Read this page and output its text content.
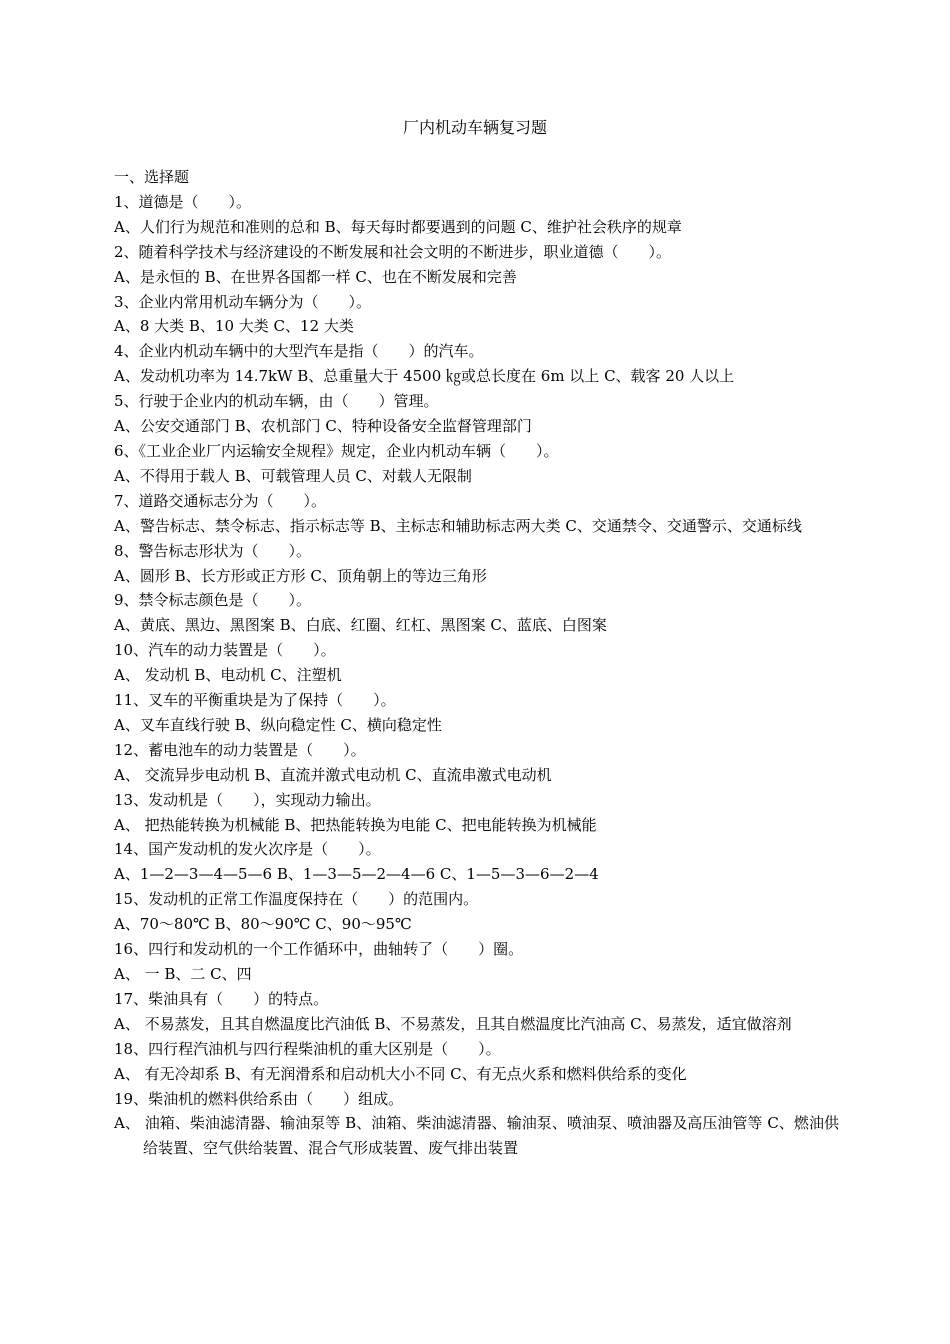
厂内机动车辆复习题
一、选择题
1、道德是（　　）。
A、人们行为规范和准则的总和 B、每天每时都要遇到的问题 C、维护社会秩序的规章
2、随着科学技术与经济建设的不断发展和社会文明的不断进步，职业道德（　　）。
A、是永恒的 B、在世界各国都一样 C、也在不断发展和完善
3、企业内常用机动车辆分为（　　）。
A、8 大类 B、10 大类 C、12 大类
4、企业内机动车辆中的大型汽车是指（　　）的汽车。
A、发动机功率为 14.7kW B、总重量大于 4500 ㎏或总长度在 6m 以上 C、载客 20 人以上
5、行驶于企业内的机动车辆，由（　　）管理。
A、公安交通部门 B、农机部门 C、特种设备安全监督管理部门
6、《工业企业厂内运输安全规程》规定，企业内机动车辆（　　）。
A、不得用于载人 B、可载管理人员 C、对载人无限制
7、道路交通标志分为（　　）。
A、警告标志、禁令标志、指示标志等 B、主标志和辅助标志两大类 C、交通禁令、交通警示、交通标线
8、警告标志形状为（　　）。
A、圆形 B、长方形或正方形 C、顶角朝上的等边三角形
9、禁令标志颜色是（　　）。
A、黄底、黑边、黑图案 B、白底、红圈、红杠、黑图案 C、蓝底、白图案
10、汽车的动力装置是（　　）。
A、 发动机 B、电动机 C、注塑机
11、叉车的平衡重块是为了保持（　　）。
A、叉车直线行驶 B、纵向稳定性 C、横向稳定性
12、蓄电池车的动力装置是（　　）。
A、 交流异步电动机 B、直流并激式电动机 C、直流串激式电动机
13、发动机是（　　），实现动力输出。
A、 把热能转换为机械能 B、把热能转换为电能 C、把电能转换为机械能
14、国产发动机的发火次序是（　　）。
A、1—2—3—4—5—6 B、1—3—5—2—4—6 C、1—5—3—6—2—4
15、发动机的正常工作温度保持在（　　）的范围内。
A、70～80℃ B、80～90℃ C、90～95℃
16、四行和发动机的一个工作循环中，曲轴转了（　　）圈。
A、 一 B、二 C、四
17、柴油具有（　　）的特点。
A、 不易蒸发，且其自燃温度比汽油低 B、不易蒸发，且其自燃温度比汽油高 C、易蒸发，适宜做溶剂
18、四行程汽油机与四行程柴油机的重大区别是（　　）。
A、 有无冷却系 B、有无润滑系和启动机大小不同 C、有无点火系和燃料供给系的变化
19、柴油机的燃料供给系由（　　）组成。
A、 油箱、柴油滤清器、输油泵等 B、油箱、柴油滤清器、输油泵、喷油泵、喷油器及高压油管等 C、燃油供给装置、空气供给装置、混合气形成装置、废气排出装置
